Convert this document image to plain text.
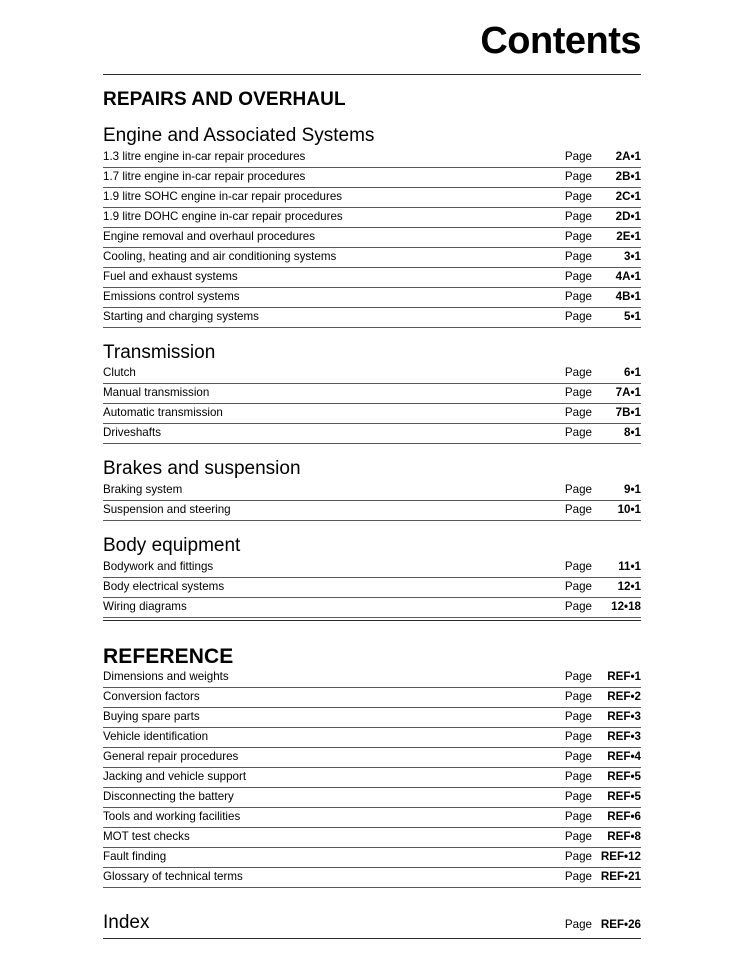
Contents
REPAIRS AND OVERHAUL
Engine and Associated Systems
1.3 litre engine in-car repair procedures	Page	2A•1
1.7 litre engine in-car repair procedures	Page	2B•1
1.9 litre SOHC engine in-car repair procedures	Page	2C•1
1.9 litre DOHC engine in-car repair procedures	Page	2D•1
Engine removal and overhaul procedures	Page	2E•1
Cooling, heating and air conditioning systems	Page	3•1
Fuel and exhaust systems	Page	4A•1
Emissions control systems	Page	4B•1
Starting and charging systems	Page	5•1
Transmission
Clutch	Page	6•1
Manual transmission	Page	7A•1
Automatic transmission	Page	7B•1
Driveshafts	Page	8•1
Brakes and suspension
Braking system	Page	9•1
Suspension and steering	Page	10•1
Body equipment
Bodywork and fittings	Page	11•1
Body electrical systems	Page	12•1
Wiring diagrams	Page	12•18
REFERENCE
Dimensions and weights	Page	REF•1
Conversion factors	Page	REF•2
Buying spare parts	Page	REF•3
Vehicle identification	Page	REF•3
General repair procedures	Page	REF•4
Jacking and vehicle support	Page	REF•5
Disconnecting the battery	Page	REF•5
Tools and working facilities	Page	REF•6
MOT test checks	Page	REF•8
Fault finding	Page REF•12
Glossary of technical terms	Page REF•21
Index	Page REF•26
